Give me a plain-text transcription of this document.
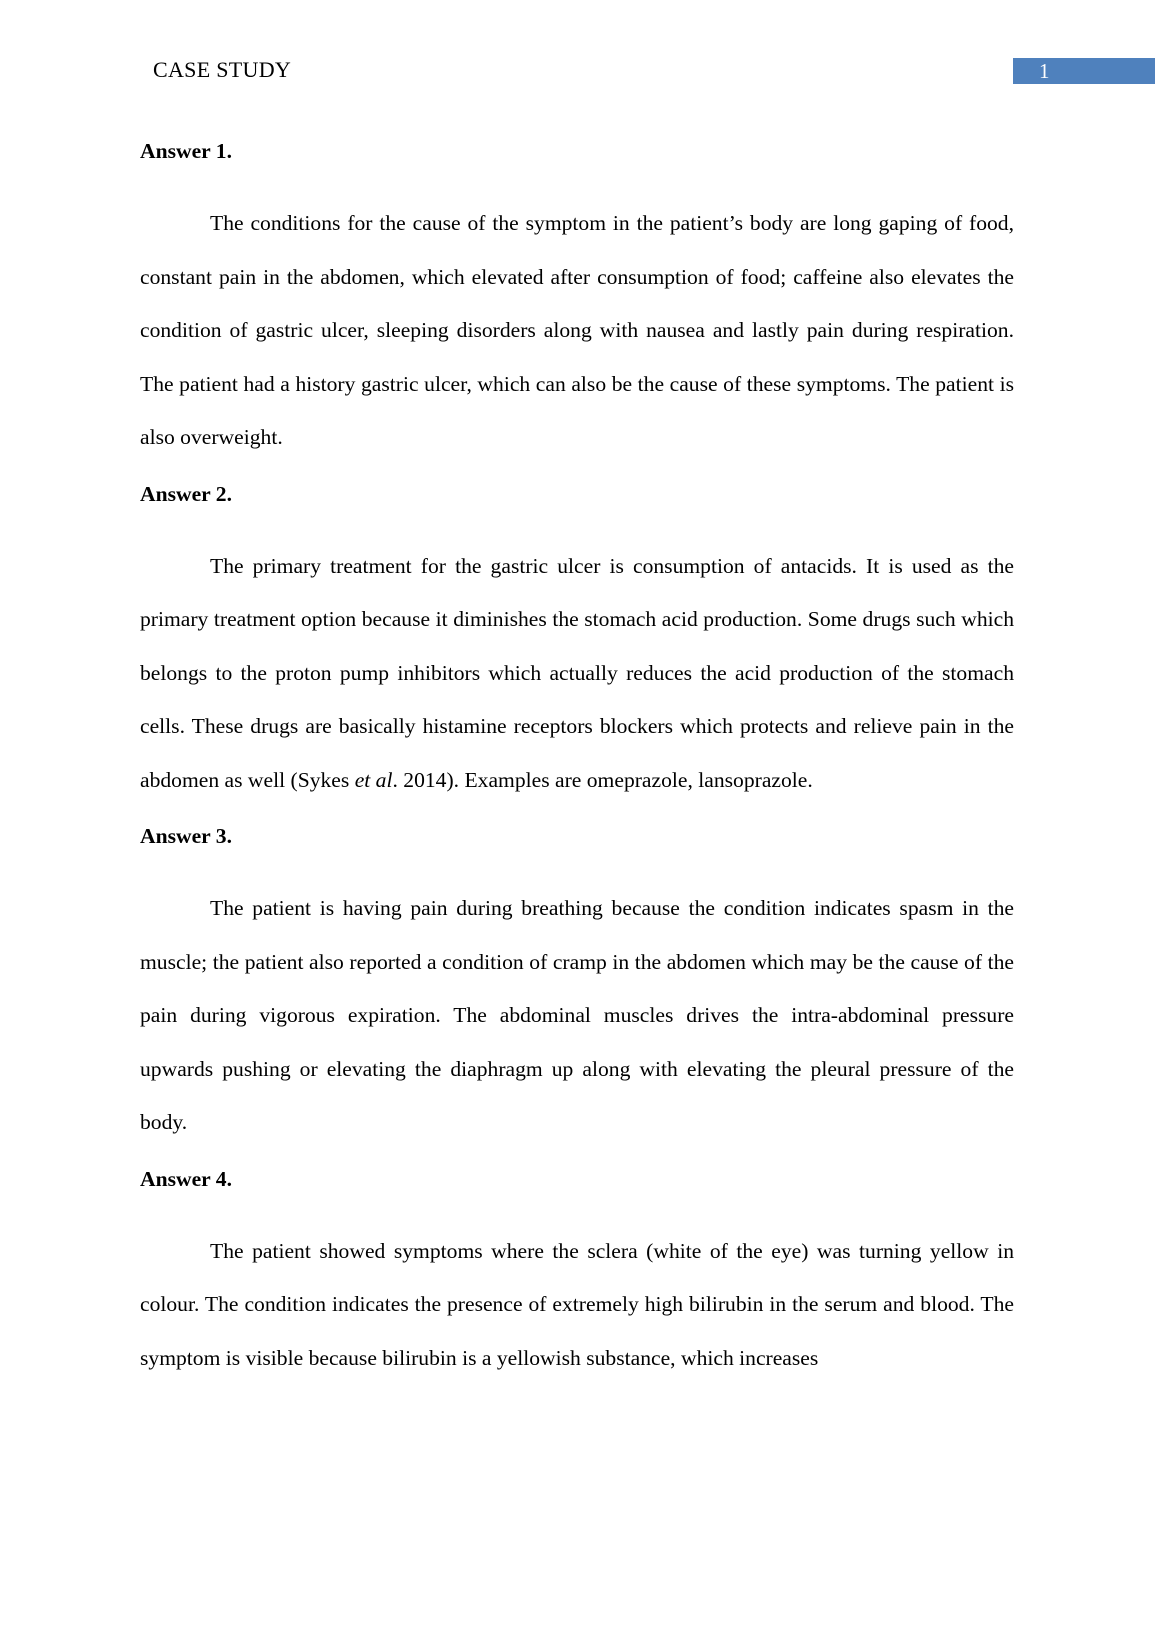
CASE STUDY	1
Answer 1.

The conditions for the cause of the symptom in the patient’s body are long gaping of food, constant pain in the abdomen, which elevated after consumption of food; caffeine also elevates the condition of gastric ulcer, sleeping disorders along with nausea and lastly pain during respiration. The patient had a history gastric ulcer, which can also be the cause of these symptoms. The patient is also overweight.

Answer 2.

The primary treatment for the gastric ulcer is consumption of antacids. It is used as the primary treatment option because it diminishes the stomach acid production. Some drugs such which belongs to the proton pump inhibitors which actually reduces the acid production of the stomach cells. These drugs are basically histamine receptors blockers which protects and relieve pain in the abdomen as well (Sykes et al. 2014). Examples are omeprazole, lansoprazole.

Answer 3.

The patient is having pain during breathing because the condition indicates spasm in the muscle; the patient also reported a condition of cramp in the abdomen which may be the cause of the pain during vigorous expiration. The abdominal muscles drives the intra-abdominal pressure upwards pushing or elevating the diaphragm up along with elevating the pleural pressure of the body.

Answer 4.

The patient showed symptoms where the sclera (white of the eye) was turning yellow in colour. The condition indicates the presence of extremely high bilirubin in the serum and blood. The symptom is visible because bilirubin is a yellowish substance, which increases
